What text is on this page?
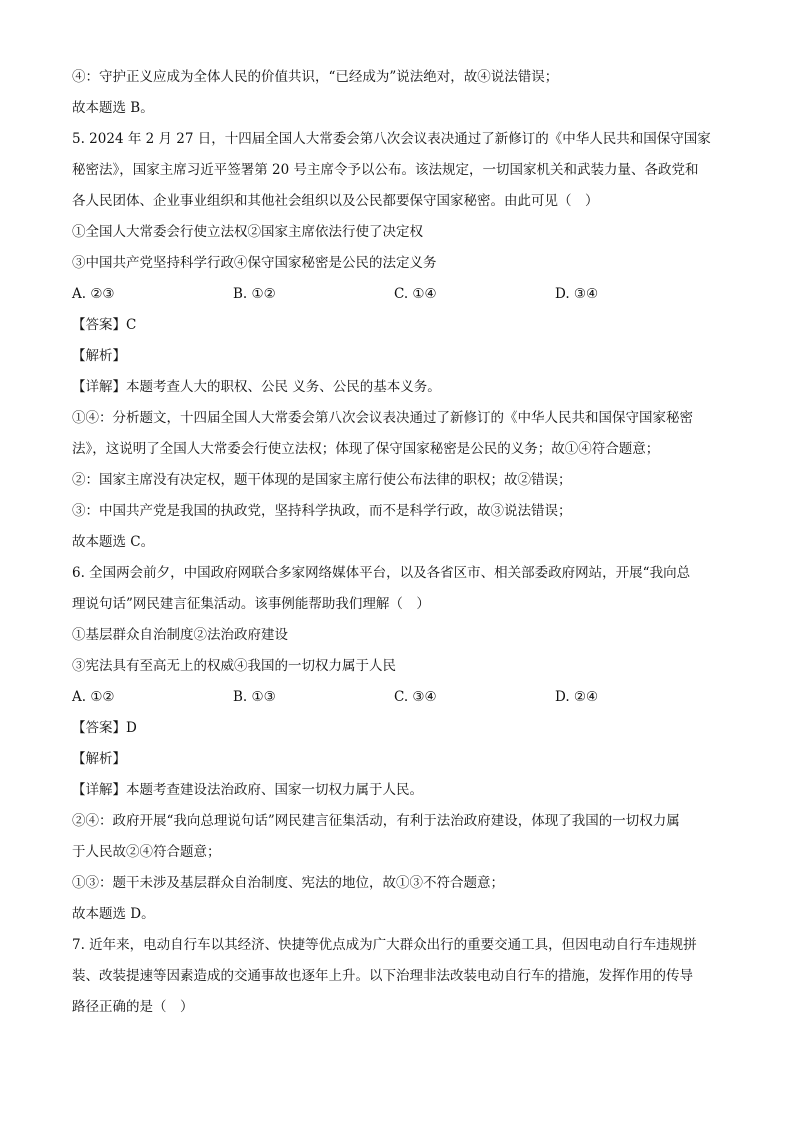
④：守护正义应成为全体人民的价值共识，“已经成为”说法绝对，故④说法错误；

故本题选 B。

5. 2024 年 2 月 27 日，十四届全国人大常委会第八次会议表决通过了新修订的《中华人民共和国保守国家

秘密法》，国家主席习近平签署第 20 号主席令予以公布。该法规定，一切国家机关和武装力量、各政党和

各人民团体、企业事业组织和其他社会组织以及公民都要保守国家秘密。由此可见（　）

①全国人大常委会行使立法权②国家主席依法行使了决定权

③中国共产党坚持科学行政④保守国家秘密是公民的法定义务

A. ②③	B. ①②	C. ①④	D. ③④

【答案】C

【解析】

【详解】本题考查人大的职权、公民 义务、公民的基本义务。

①④：分析题文，十四届全国人大常委会第八次会议表决通过了新修订的《中华人民共和国保守国家秘密

法》，这说明了全国人大常委会行使立法权；体现了保守国家秘密是公民的义务；故①④符合题意；

②：国家主席没有决定权，题干体现的是国家主席行使公布法律的职权；故②错误；

③：中国共产党是我国的执政党，坚持科学执政，而不是科学行政，故③说法错误；

故本题选 C。

6. 全国两会前夕，中国政府网联合多家网络媒体平台，以及各省区市、相关部委政府网站，开展“我向总

理说句话”网民建言征集活动。该事例能帮助我们理解（　）

①基层群众自治制度②法治政府建设

③宪法具有至高无上的权威④我国的一切权力属于人民

A. ①②	B. ①③	C. ③④	D. ②④

【答案】D

【解析】

【详解】本题考查建设法治政府、国家一切权力属于人民。

②④：政府开展“我向总理说句话”网民建言征集活动，有利于法治政府建设，体现了我国的一切权力属

于人民故②④符合题意；

①③：题干未涉及基层群众自治制度、宪法的地位，故①③不符合题意；

故本题选 D。

7. 近年来，电动自行车以其经济、快捷等优点成为广大群众出行的重要交通工具，但因电动自行车违规拼

装、改装提速等因素造成的交通事故也逐年上升。以下治理非法改装电动自行车的措施，发挥作用的传导

路径正确的是（　）
